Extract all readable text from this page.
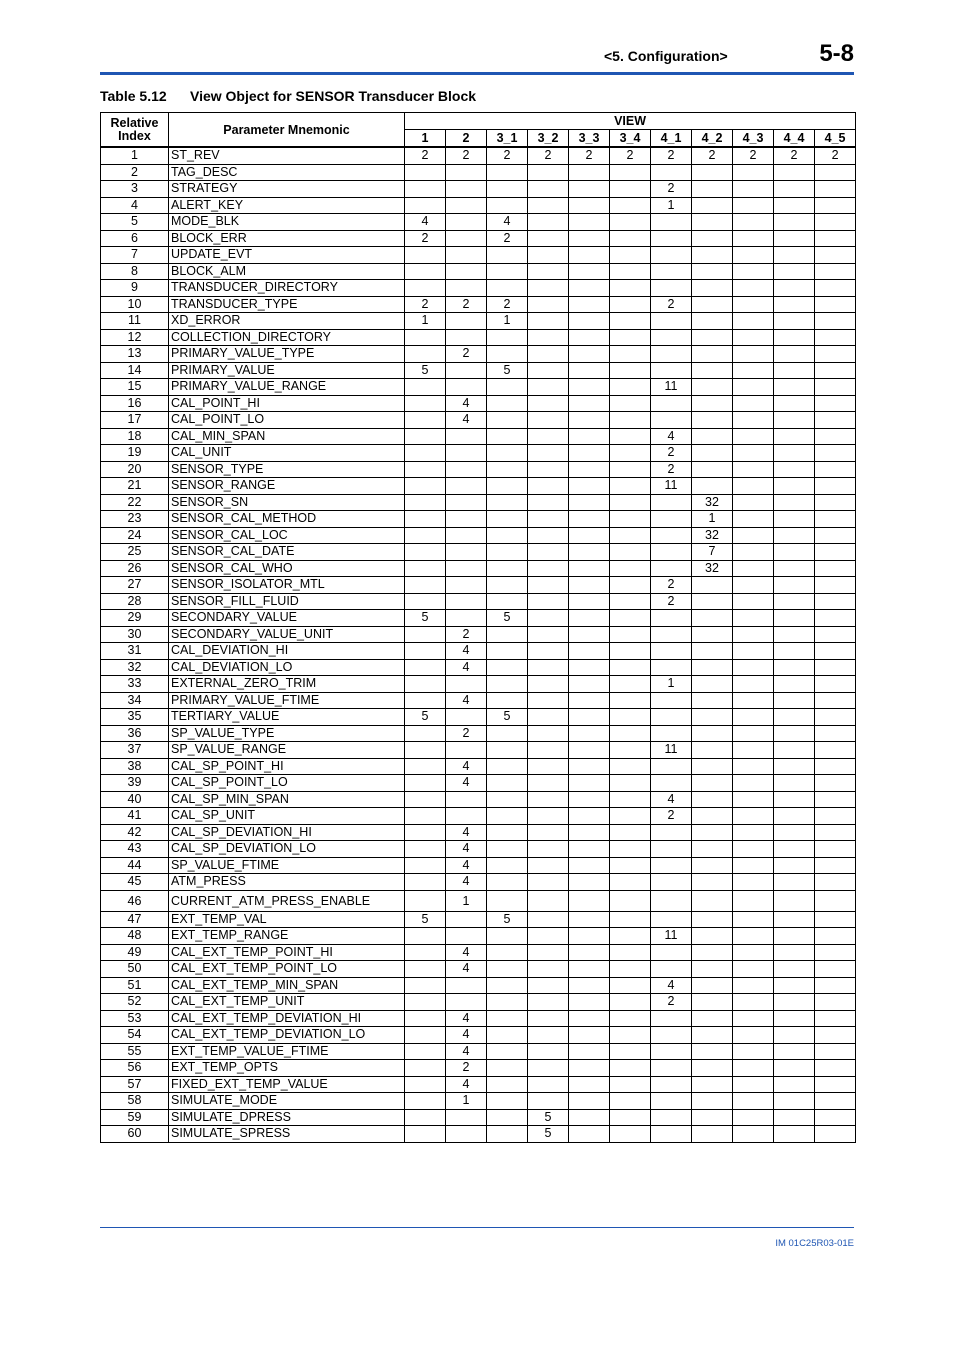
<5. Configuration>	5-8
Table 5.12 View Object for SENSOR Transducer Block
Relative Index	Parameter Mnemonic	VIEW										
		1	2	3_1	3_2	3_3	3_4	4_1	4_2	4_3	4_4	4_5
1	ST_REV	2	2	2	2	2	2	2	2	2	2	2
2	TAG_DESC											
3	STRATEGY							2				
4	ALERT_KEY							1				
5	MODE_BLK	4		4								
6	BLOCK_ERR	2		2								
7	UPDATE_EVT											
8	BLOCK_ALM											
9	TRANSDUCER_DIRECTORY											
10	TRANSDUCER_TYPE	2	2	2				2				
11	XD_ERROR	1		1								
12	COLLECTION_DIRECTORY											
13	PRIMARY_VALUE_TYPE		2									
14	PRIMARY_VALUE	5		5								
15	PRIMARY_VALUE_RANGE							11				
16	CAL_POINT_HI		4									
17	CAL_POINT_LO		4									
18	CAL_MIN_SPAN							4				
19	CAL_UNIT							2				
20	SENSOR_TYPE							2				
21	SENSOR_RANGE							11				
22	SENSOR_SN								32			
23	SENSOR_CAL_METHOD								1			
24	SENSOR_CAL_LOC								32			
25	SENSOR_CAL_DATE								7			
26	SENSOR_CAL_WHO								32			
27	SENSOR_ISOLATOR_MTL							2				
28	SENSOR_FILL_FLUID							2				
29	SECONDARY_VALUE	5		5								
30	SECONDARY_VALUE_UNIT		2									
31	CAL_DEVIATION_HI		4									
32	CAL_DEVIATION_LO		4									
33	EXTERNAL_ZERO_TRIM							1				
34	PRIMARY_VALUE_FTIME		4									
35	TERTIARY_VALUE	5		5								
36	SP_VALUE_TYPE		2									
37	SP_VALUE_RANGE							11				
38	CAL_SP_POINT_HI		4									
39	CAL_SP_POINT_LO		4									
40	CAL_SP_MIN_SPAN							4				
41	CAL_SP_UNIT							2				
42	CAL_SP_DEVIATION_HI		4									
43	CAL_SP_DEVIATION_LO		4									
44	SP_VALUE_FTIME		4									
45	ATM_PRESS		4									
46	CURRENT_ATM_PRESS_ENABLE		1									
47	EXT_TEMP_VAL	5		5								
48	EXT_TEMP_RANGE							11				
49	CAL_EXT_TEMP_POINT_HI		4									
50	CAL_EXT_TEMP_POINT_LO		4									
51	CAL_EXT_TEMP_MIN_SPAN							4				
52	CAL_EXT_TEMP_UNIT							2				
53	CAL_EXT_TEMP_DEVIATION_HI		4									
54	CAL_EXT_TEMP_DEVIATION_LO		4									
55	EXT_TEMP_VALUE_FTIME		4									
56	EXT_TEMP_OPTS		2									
57	FIXED_EXT_TEMP_VALUE		4									
58	SIMULATE_MODE		1									
59	SIMULATE_DPRESS				5							
60	SIMULATE_SPRESS				5							
IM 01C25R03-01E
